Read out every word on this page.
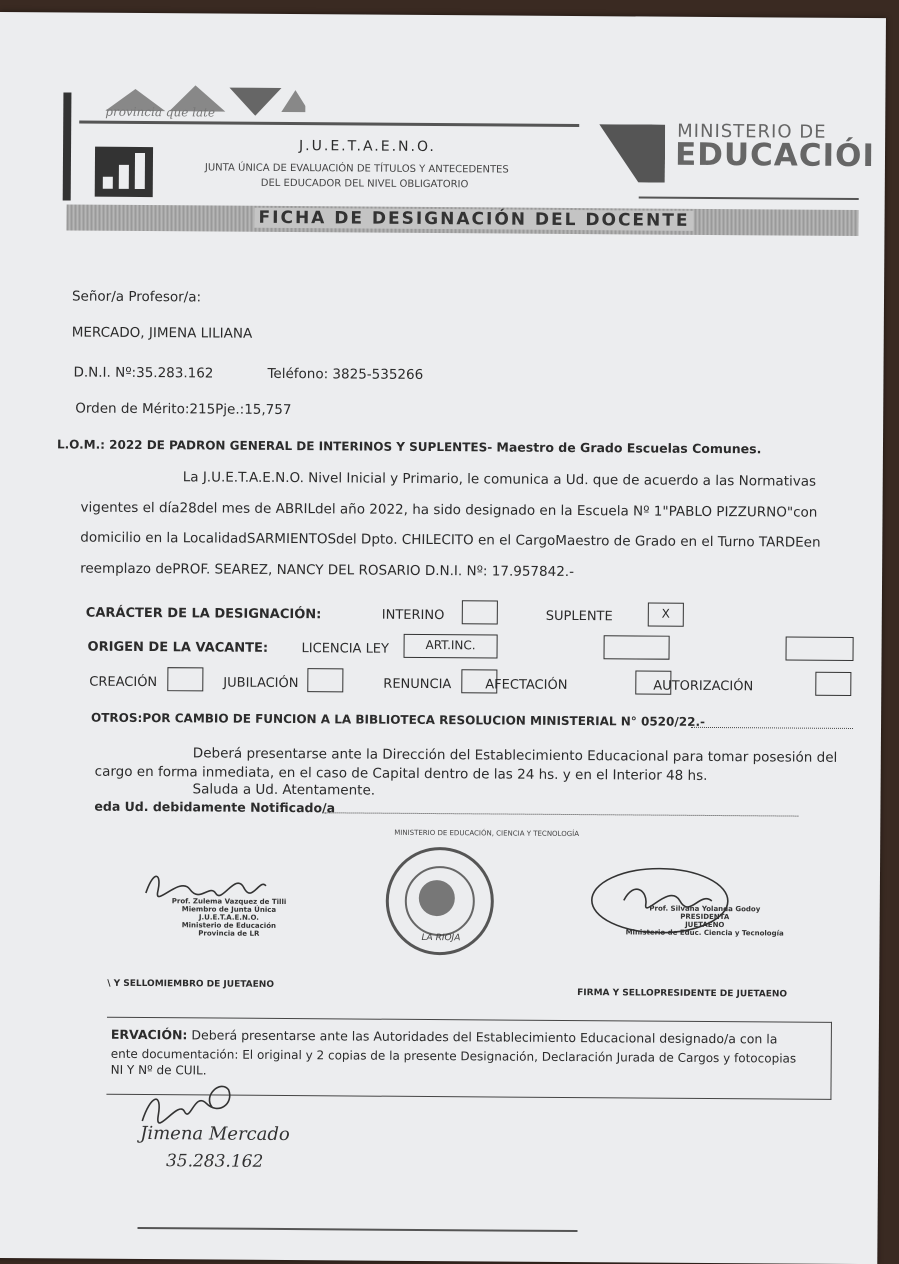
provincia que late
J.U.E.T.A.E.N.O.
JUNTA ÚNICA DE EVALUACIÓN DE TÍTULOS Y ANTECEDENTES
DEL EDUCADOR DEL NIVEL OBLIGATORIO
MINISTERIO DE
EDUCACIÓI
FICHA DE DESIGNACIÓN DEL DOCENTE
Señor/a Profesor/a:
MERCADO, JIMENA LILIANA
D.N.I. Nº:35.283.162	Teléfono: 3825-535266
Orden de Mérito:215Pje.:15,757
L.O.M.: 2022 DE PADRON GENERAL DE INTERINOS Y SUPLENTES- Maestro de Grado Escuelas Comunes.
La J.U.E.T.A.E.N.O. Nivel Inicial y Primario, le comunica a Ud. que de acuerdo a las Normativas
vigentes el día28del mes de ABRILdel año 2022, ha sido designado en la Escuela Nº 1"PABLO PIZZURNO"con
domicilio en la LocalidadSARMIENTOSdel Dpto. CHILECITO en el CargoMaestro de Grado en el Turno TARDEen
reemplazo dePROF. SEAREZ, NANCY DEL ROSARIO D.N.I. Nº: 17.957842.-
CARÁCTER DE LA DESIGNACIÓN:	INTERINO	SUPLENTE	X
ORIGEN DE LA VACANTE:	LICENCIA LEY	ART.INC.
CREACIÓN	JUBILACIÓN	RENUNCIA	AFECTACIÓN	AUTORIZACIÓN
OTROS:POR CAMBIO DE FUNCION A LA BIBLIOTECA RESOLUCION MINISTERIAL N° 0520/22.-
Deberá presentarse ante la Dirección del Establecimiento Educacional para tomar posesión del
cargo en forma inmediata, en el caso de Capital dentro de las 24 hs. y en el Interior 48 hs.
Saluda a Ud. Atentamente.
eda Ud. debidamente Notificado/a
Prof. Zulema Vazquez de Tilli
Miembro de Junta Única
J.U.E.T.A.E.N.O.
Ministerio de Educación
Provincia de LR
\ Y SELLOMIEMBRO DE JUETAENO
MINISTERIO DE EDUCACIÓN, CIENCIA Y TECNOLOGÍA
LA RIOJA
Prof. Silvana Yolanda Godoy
PRESIDENTA
JUETAENO
Ministerio de Educ. Ciencia y Tecnología
FIRMA Y SELLOPRESIDENTE DE JUETAENO
ERVACIÓN: Deberá presentarse ante las Autoridades del Establecimiento Educacional designado/a con la
ente documentación: El original y 2 copias de la presente Designación, Declaración Jurada de Cargos y fotocopias
NI Y Nº de CUIL.
Jimena Mercado
35.283.162
